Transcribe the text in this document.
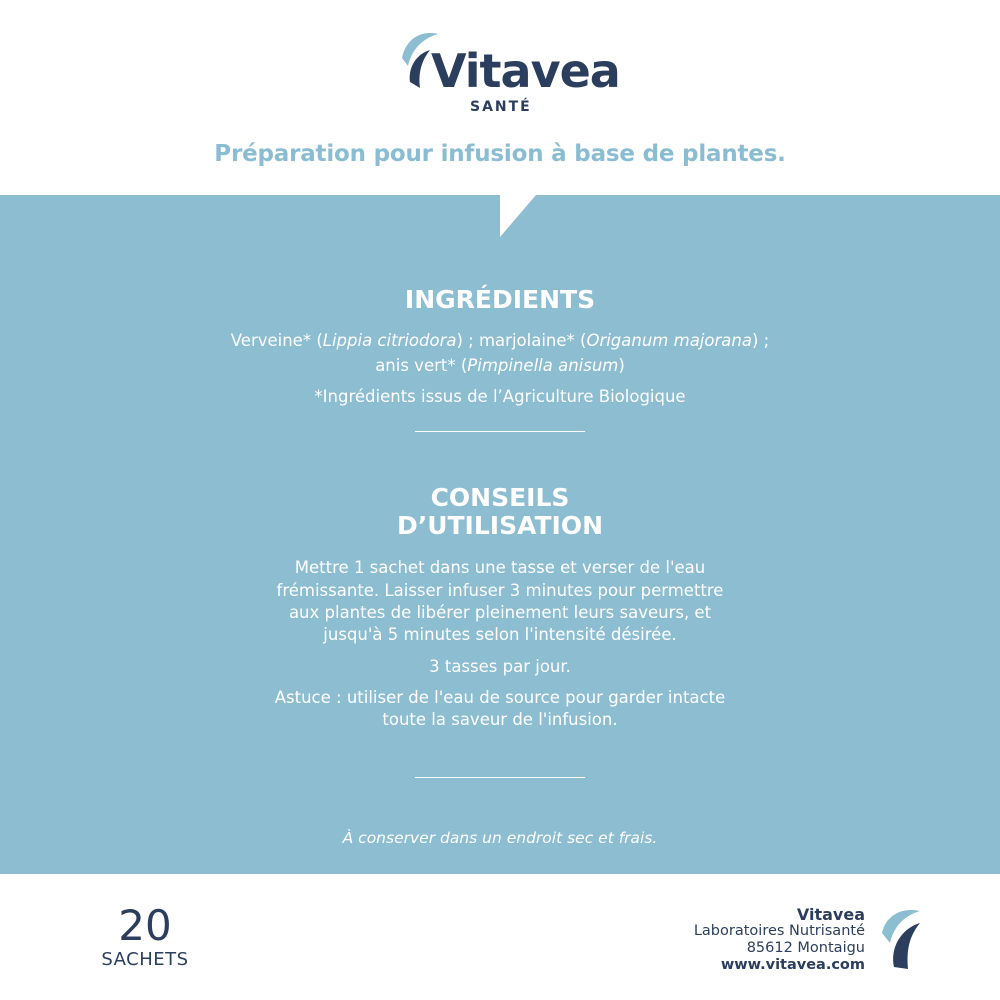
Vitavea
SANTÉ
Préparation pour infusion à base de plantes.
INGRÉDIENTS
Verveine* (Lippia citriodora) ; marjolaine* (Origanum majorana) ;
anis vert* (Pimpinella anisum)
*Ingrédients issus de l’Agriculture Biologique
CONSEILS
D’UTILISATION
Mettre 1 sachet dans une tasse et verser de l'eau
frémissante. Laisser infuser 3 minutes pour permettre
aux plantes de libérer pleinement leurs saveurs, et
jusqu'à 5 minutes selon l'intensité désirée.
3 tasses par jour.
Astuce : utiliser de l'eau de source pour garder intacte
toute la saveur de l'infusion.
À conserver dans un endroit sec et frais.
20
SACHETS
Vitavea
Laboratoires Nutrisanté
85612 Montaigu
www.vitavea.com
